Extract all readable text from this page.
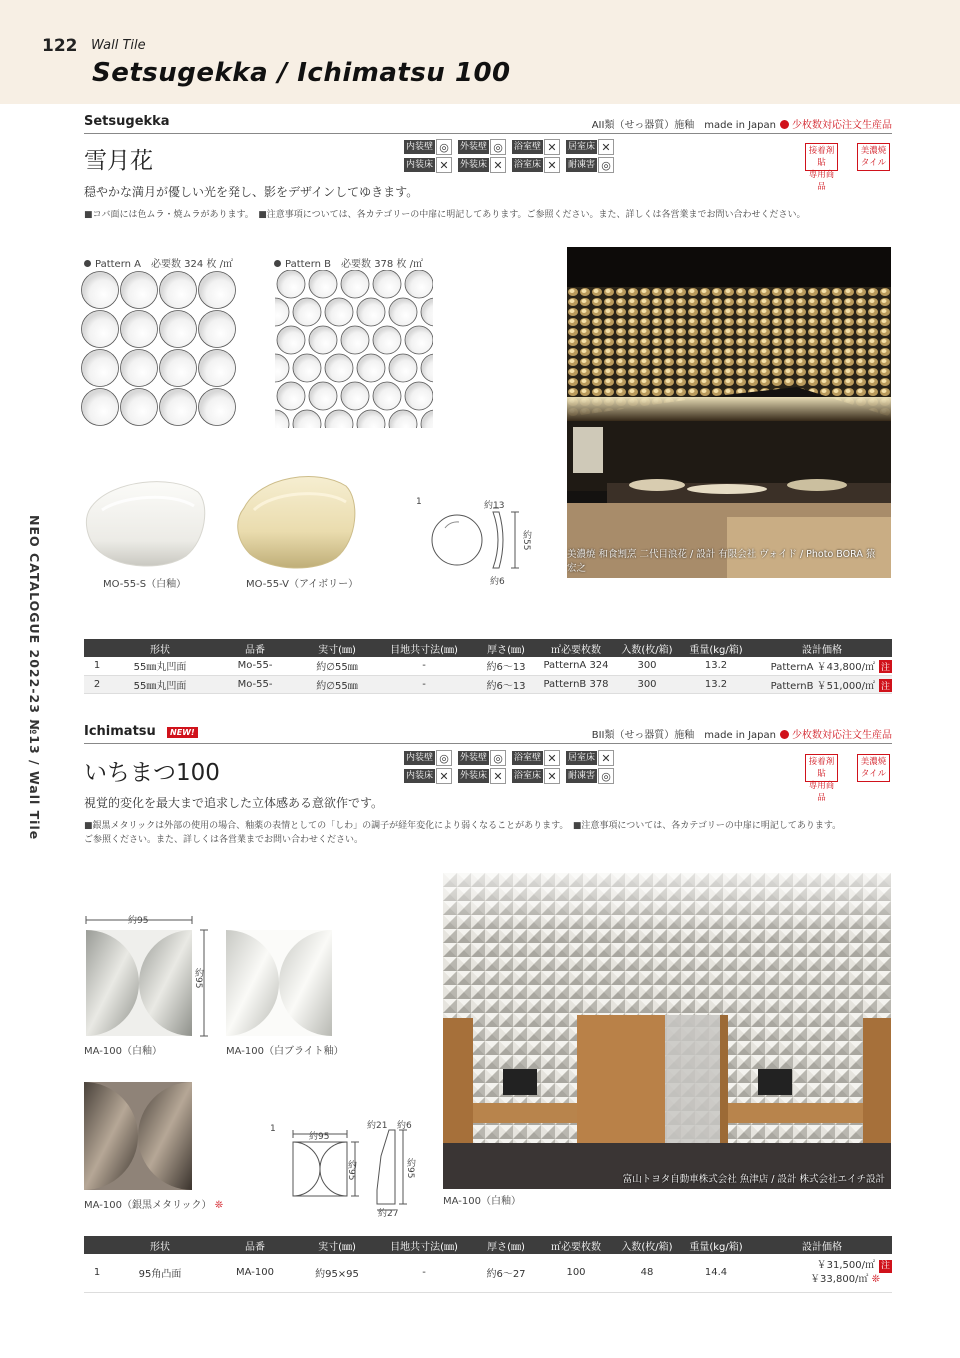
122 Wall Tile
Setsugekka / Ichimatsu 100
NEO CATALOGUE 2022-23 №13 / Wall Tile
Setsugekka	AII類（せっ器質）施釉　made in Japan 少枚数対応注文生産品
雪月花
内装壁 ◎	外装壁 ◎	浴室壁 ✕	居室床 ✕
内装床 ✕	外装床 ✕	浴室床 ✕	耐凍害 ◎
接着剤貼
専用商品
美濃焼
タイル
穏やかな満月が優しい光を発し、影をデザインしてゆきます。
■コバ面には色ムラ・焼ムラがあります。　■注意事項については、各カテゴリーの中扉に明記してあります。ご参照ください。また、詳しくは各営業までお問い合わせください。
Pattern A　必要数 324 枚 /㎡	Pattern B　必要数 378 枚 /㎡
MO-55-S（白釉）	MO-55-V（アイボリー）
1	約13
約55
約6
美濃焼 和食割烹 二代目浪花 / 設計 有限会社 ヴォイド / Photo BORA 猿 宏之
	形状	品番	実寸(㎜)	目地共寸法(㎜)	厚さ(㎜)	㎡必要枚数	入数(枚/箱)	重量(kg/箱)	設計価格
1	55㎜丸凹面	Mo-55-	約∅55㎜	-	約6〜13	PatternA 324	300	13.2	PatternA ￥43,800/㎡ 注
2	55㎜丸凹面	Mo-55-	約∅55㎜	-	約6〜13	PatternB 378	300	13.2	PatternB ￥51,000/㎡ 注
Ichimatsu	NEW!	BII類（せっ器質）施釉　made in Japan 少枚数対応注文生産品
いちまつ100
内装壁 ◎	外装壁 ◎	浴室壁 ✕	居室床 ✕
内装床 ✕	外装床 ✕	浴室床 ✕	耐凍害 ◎
接着剤貼
専用商品
美濃焼
タイル
視覚的変化を最大まで追求した立体感ある意欲作です。
■銀黒メタリックは外部の使用の場合、釉薬の表情としての「しわ」の調子が経年変化により弱くなることがあります。　■注意事項については、各カテゴリーの中扉に明記してあります。
ご参照ください。また、詳しくは各営業までお問い合わせください。
約95
約95
MA-100（白釉）	MA-100（白ブライト釉）
MA-100（銀黒メタリック） ❊
1
約95
約95
約21 約6
約95
約27
富山トヨタ自動車株式会社 魚津店 / 設計 株式会社エイチ設計
MA-100（白釉）
	形状	品番	実寸(㎜)	目地共寸法(㎜)	厚さ(㎜)	㎡必要枚数	入数(枚/箱)	重量(kg/箱)	設計価格
1	95角凸面	MA-100	約95×95	-	約6〜27	100	48	14.4	￥31,500/㎡ 注
￥33,800/㎡ ❊
